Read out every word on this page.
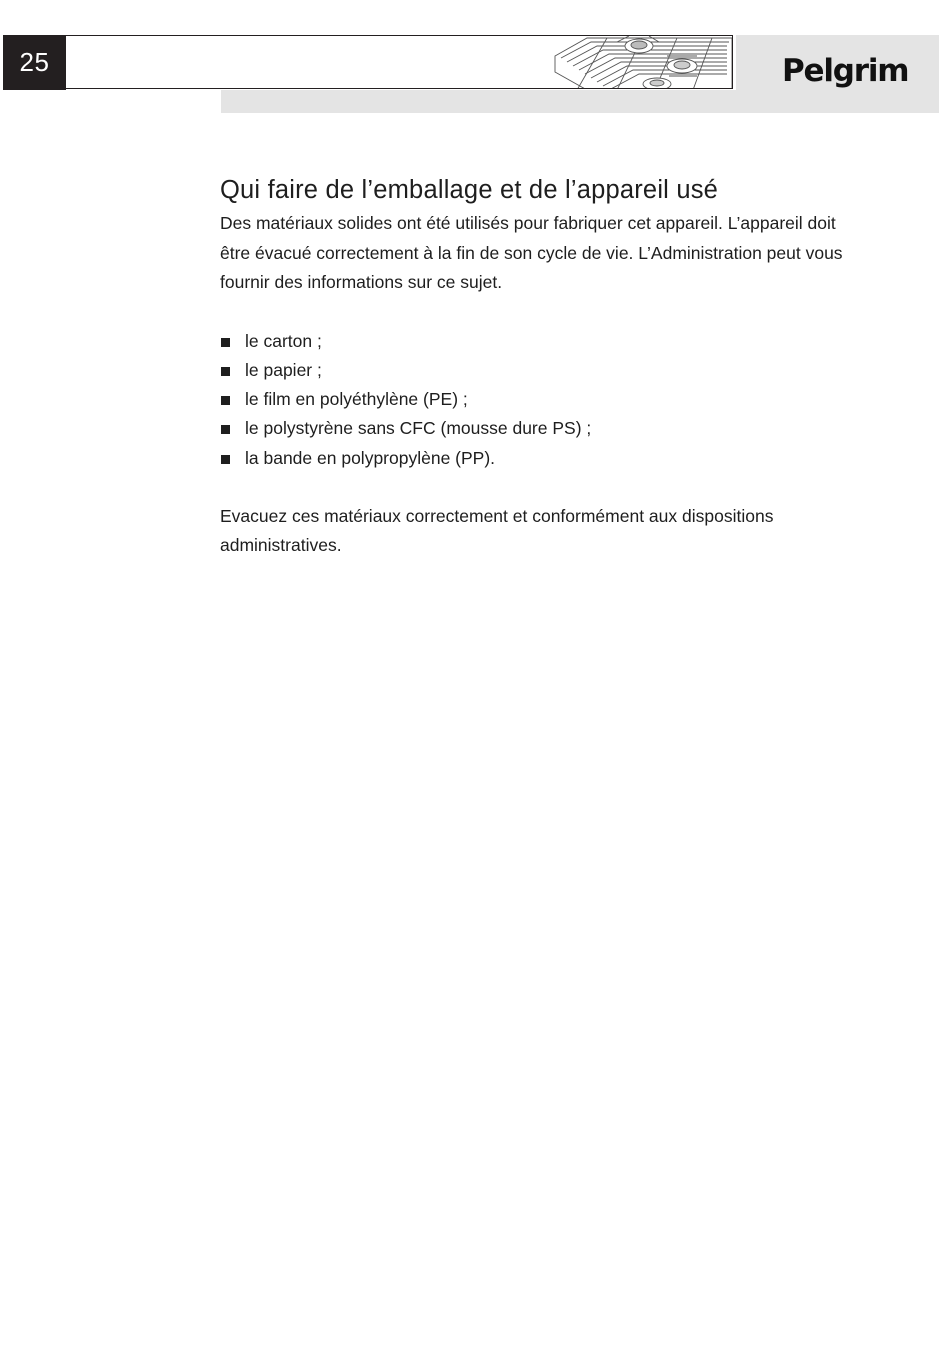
25	Pelgrim
Qui faire de l’emballage et de l’appareil usé

Des matériaux solides ont été utilisés pour fabriquer cet appareil. L’appareil doit être évacué correctement à la fin de son cycle de vie. L’Administration peut vous fournir des informations sur ce sujet.

le carton ;
le papier ;
le film en polyéthylène (PE) ;
le polystyrène sans CFC (mousse dure PS) ;
la bande en polypropylène (PP).

Evacuez ces matériaux correctement et conformément aux dispositions administratives.
